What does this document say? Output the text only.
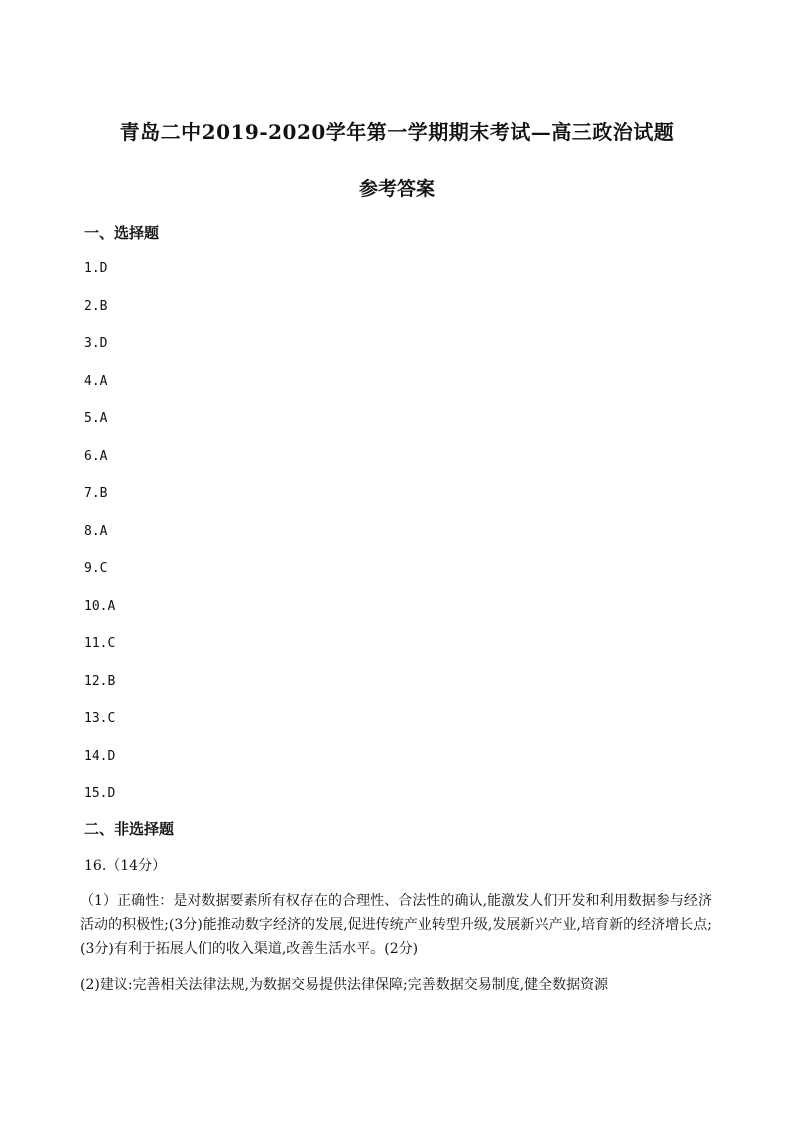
青岛二中2019-2020学年第一学期期末考试—高三政治试题
参考答案
一、选择题
1.D
2.B
3.D
4.A
5.A
6.A
7.B
8.A
9.C
10.A
11.C
12.B
13.C
14.D
15.D
二、非选择题

16.（14分）

（1）正确性：是对数据要素所有权存在的合理性、合法性的确认,能激发人们开发和利用数据参与经济活动的积极性;(3分)能推动数字经济的发展,促进传统产业转型升级,发展新兴产业,培育新的经济增长点;(3分)有利于拓展人们的收入渠道,改善生活水平。(2分)

(2)建议:完善相关法律法规,为数据交易提供法律保障;完善数据交易制度,健全数据资源
